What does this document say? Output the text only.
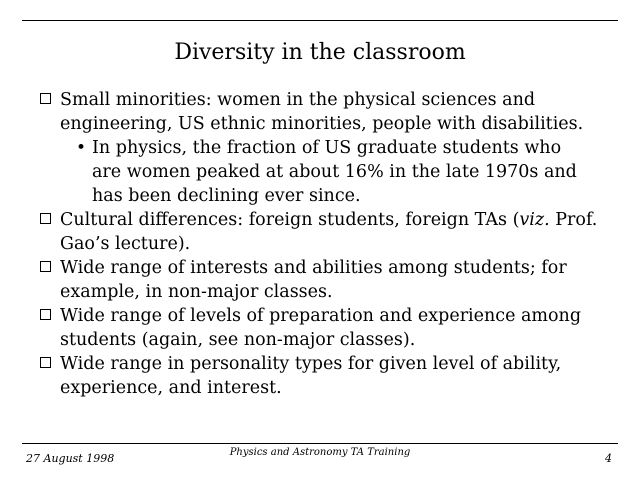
Diversity in the classroom
Small minorities: women in the physical sciences and engineering, US ethnic minorities, people with disabilities.
• In physics, the fraction of US graduate students who are women peaked at about 16% in the late 1970s and has been declining ever since.
Cultural differences: foreign students, foreign TAs (viz. Prof. Gao’s lecture).
Wide range of interests and abilities among students; for example, in non-major classes.
Wide range of levels of preparation and experience among students (again, see non-major classes).
Wide range in personality types for given level of ability, experience, and interest.
27 August 1998	Physics and Astronomy TA Training	4
